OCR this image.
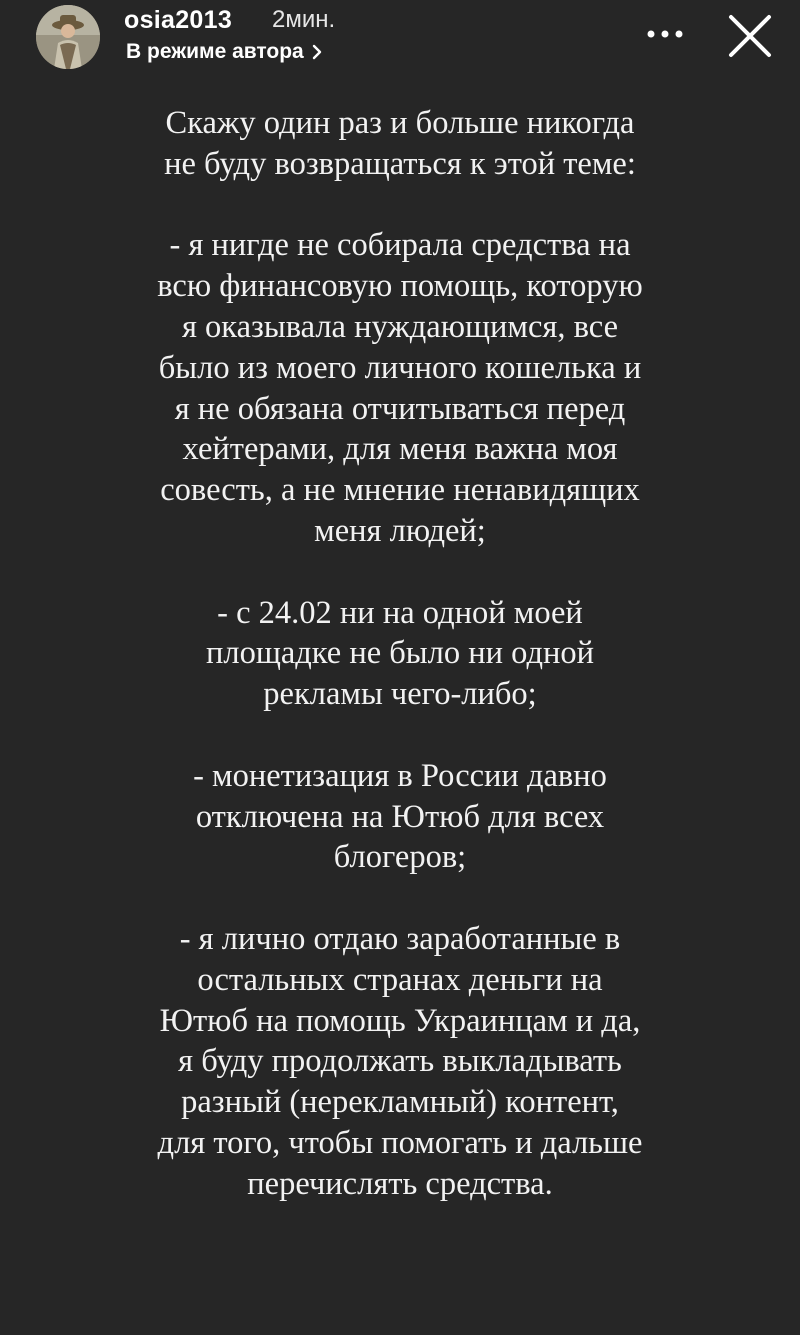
osia2013 2мин.
В режиме автора

Скажу один раз и больше никогда
не буду возвращаться к этой теме:

- я нигде не собирала средства на
всю финансовую помощь, которую
я оказывала нуждающимся, все
было из моего личного кошелька и
я не обязана отчитываться перед
хейтерами, для меня важна моя
совесть, а не мнение ненавидящих
меня людей;

- с 24.02 ни на одной моей
площадке не было ни одной
рекламы чего-либо;

- монетизация в России давно
отключена на Ютюб для всех
блогеров;

- я лично отдаю заработанные в
остальных странах деньги на
Ютюб на помощь Украинцам и да,
я буду продолжать выкладывать
разный (нерекламный) контент,
для того, чтобы помогать и дальше
перечислять средства.
